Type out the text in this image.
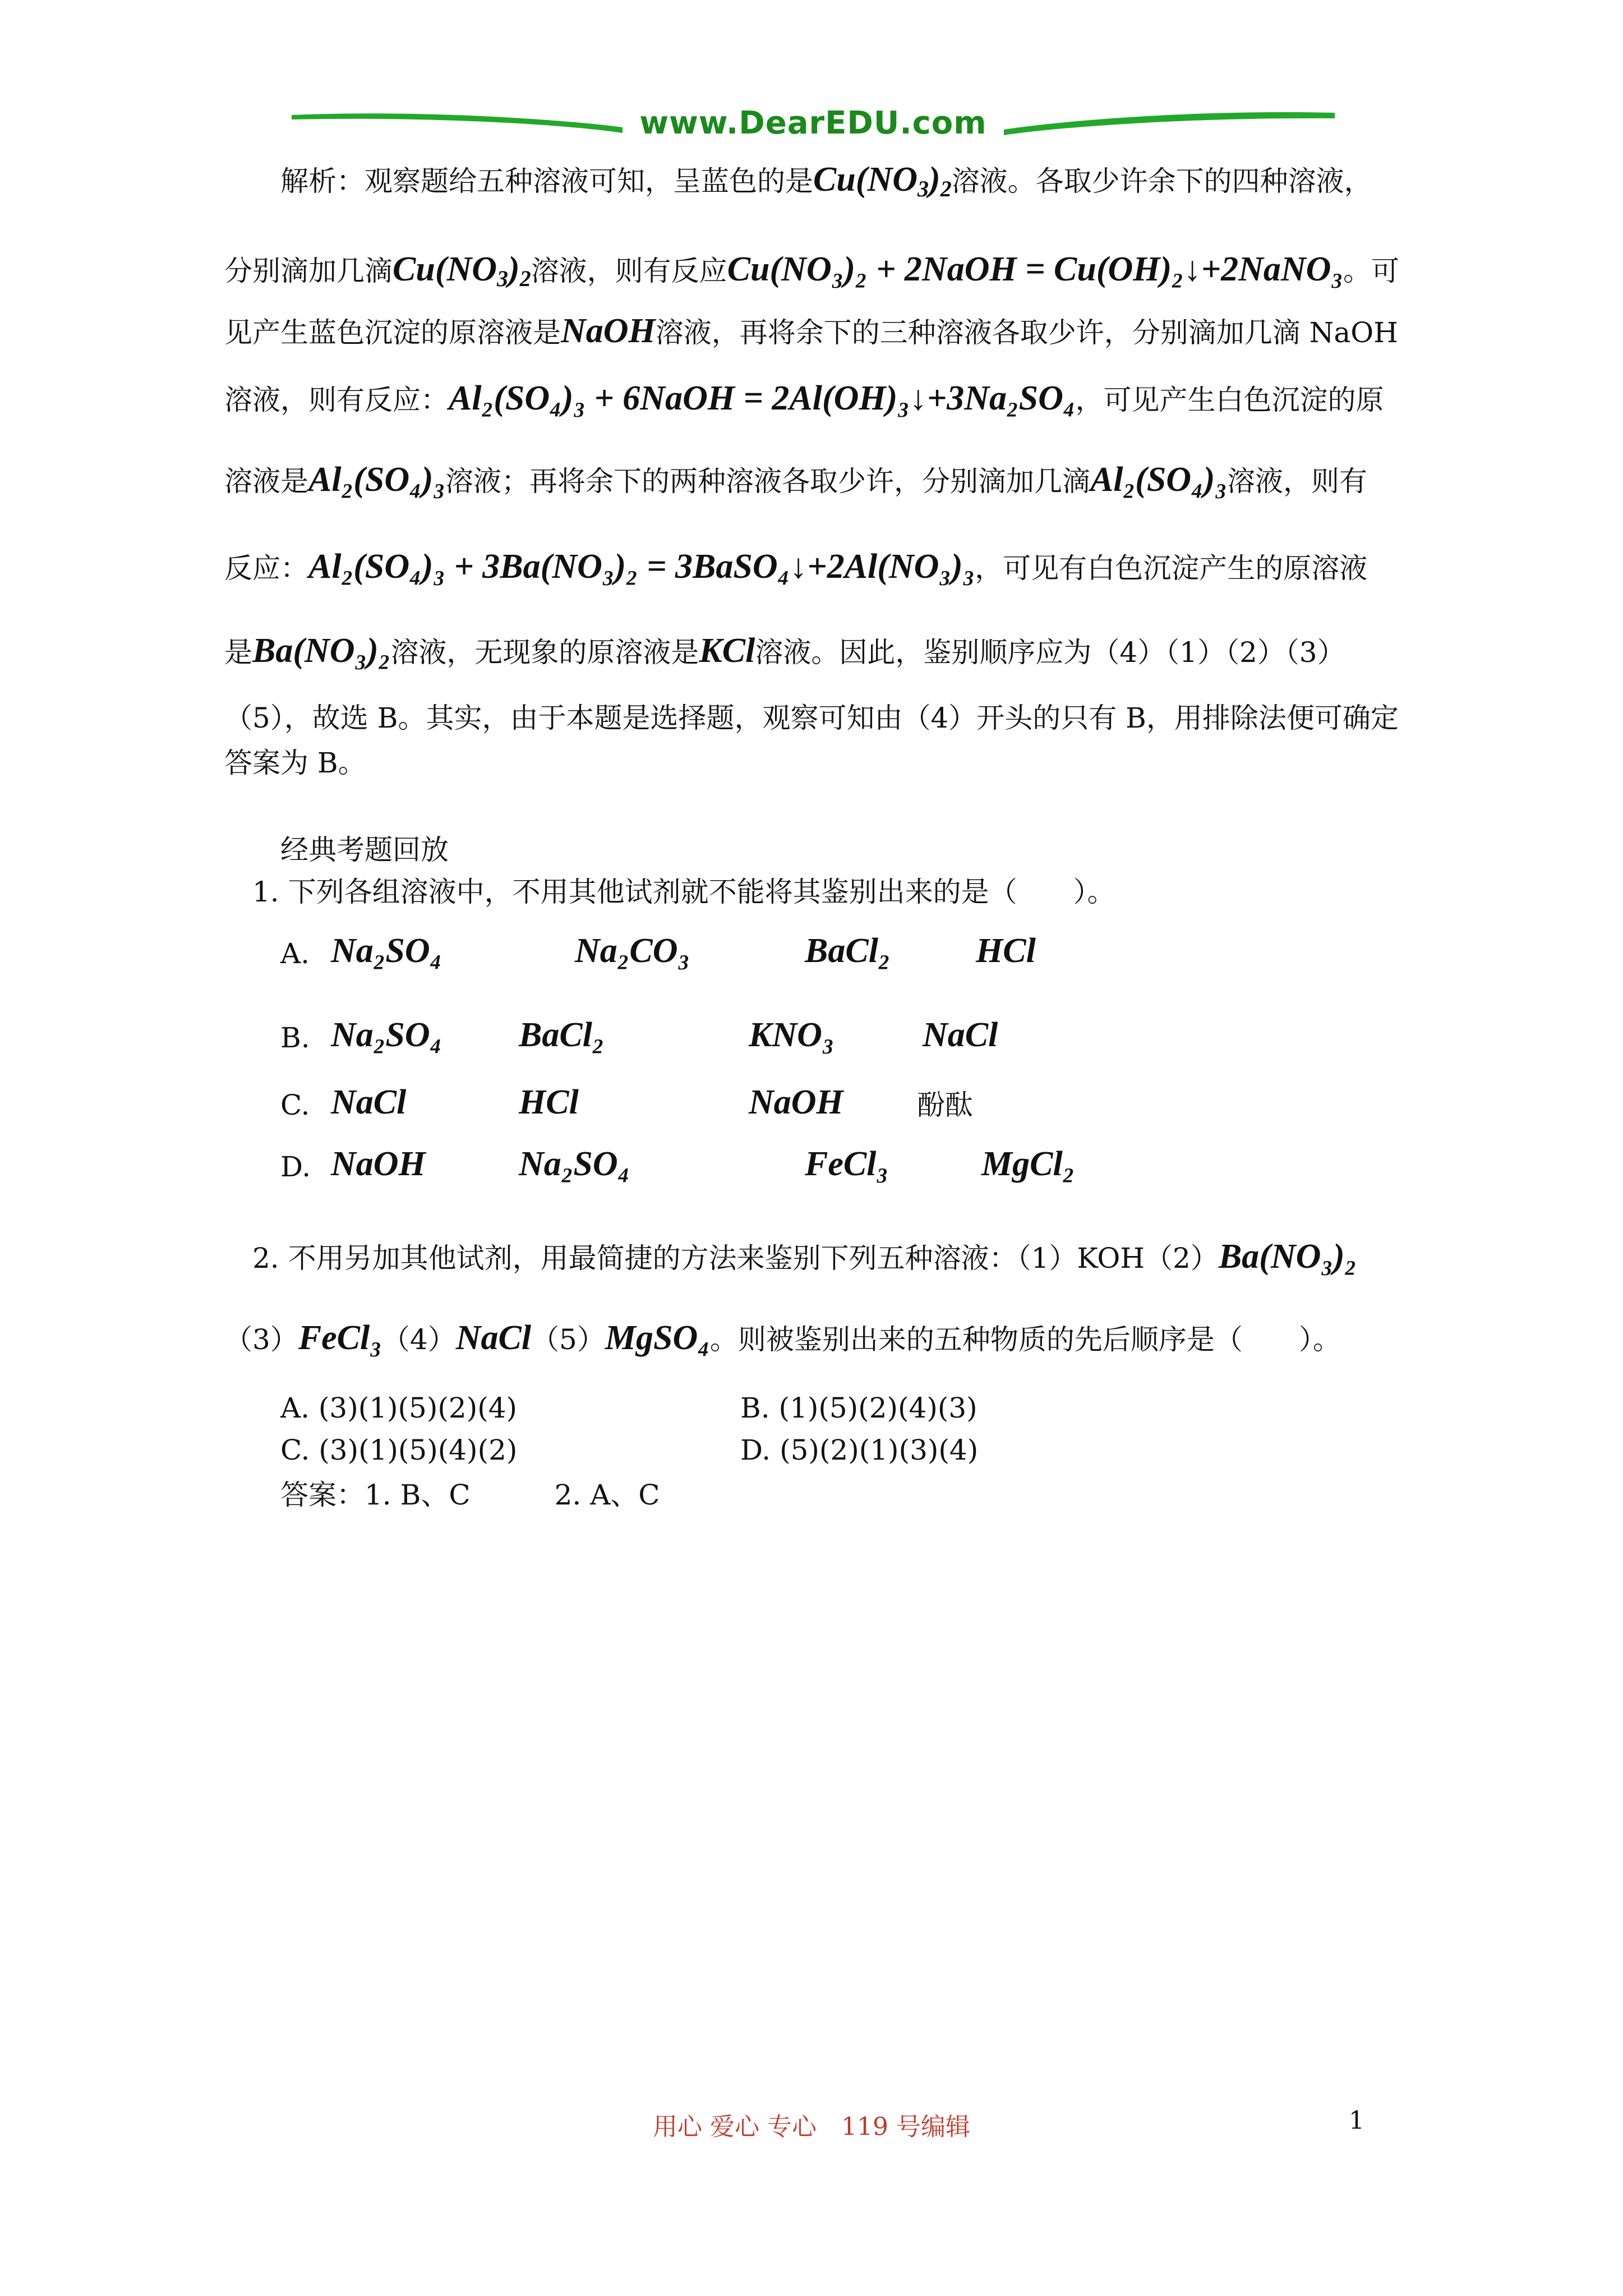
www.DearEDU.com
解析：观察题给五种溶液可知，呈蓝色的是$Cu(NO_3)_2$溶液。各取少许余下的四种溶液，
分别滴加几滴$Cu(NO_3)_2$溶液，则有反应Cu(NO₃)₂ + 2NaOH = Cu(OH)₂↓+2NaNO₃。可
见产生蓝色沉淀的原溶液是NaOH溶液，再将余下的三种溶液各取少许，分别滴加几滴 NaOH
溶液，则有反应：Al₂(SO₄)₃ + 6NaOH = 2Al(OH)₃↓+3Na₂SO₄，可见产生白色沉淀的原
溶液是Al₂(SO₄)₃溶液；再将余下的两种溶液各取少许，分别滴加几滴Al₂(SO₄)₃溶液，则有
反应：Al₂(SO₄)₃ + 3Ba(NO₃)₂ = 3BaSO₄↓+2Al(NO₃)₃，可见有白色沉淀产生的原溶液
是Ba(NO₃)₂溶液，无现象的原溶液是KCl溶液。因此，鉴别顺序应为（4）（1）（2）（3）
（5），故选 B。其实，由于本题是选择题，观察可知由（4）开头的只有 B，用排除法便可确定
答案为 B。
经典考题回放
1. 下列各组溶液中，不用其他试剂就不能将其鉴别出来的是（　　）。
A. Na₂SO₄	Na₂CO₃	BaCl₂	HCl
B. Na₂SO₄	BaCl₂	KNO₃	NaCl
C. NaCl	HCl	NaOH	酚酞
D. NaOH	Na₂SO₄	FeCl₃	MgCl₂
2. 不用另加其他试剂，用最简捷的方法来鉴别下列五种溶液：（1）KOH（2）Ba(NO₃)₂
（3）FeCl₃（4）NaCl（5）MgSO₄。则被鉴别出来的五种物质的先后顺序是（　　）。
A. (3)(1)(5)(2)(4)	B. (1)(5)(2)(4)(3)
C. (3)(1)(5)(4)(2)	D. (5)(2)(1)(3)(4)
答案：1. B、C　　　2. A、C
用心 爱心 专心　119 号编辑	1
